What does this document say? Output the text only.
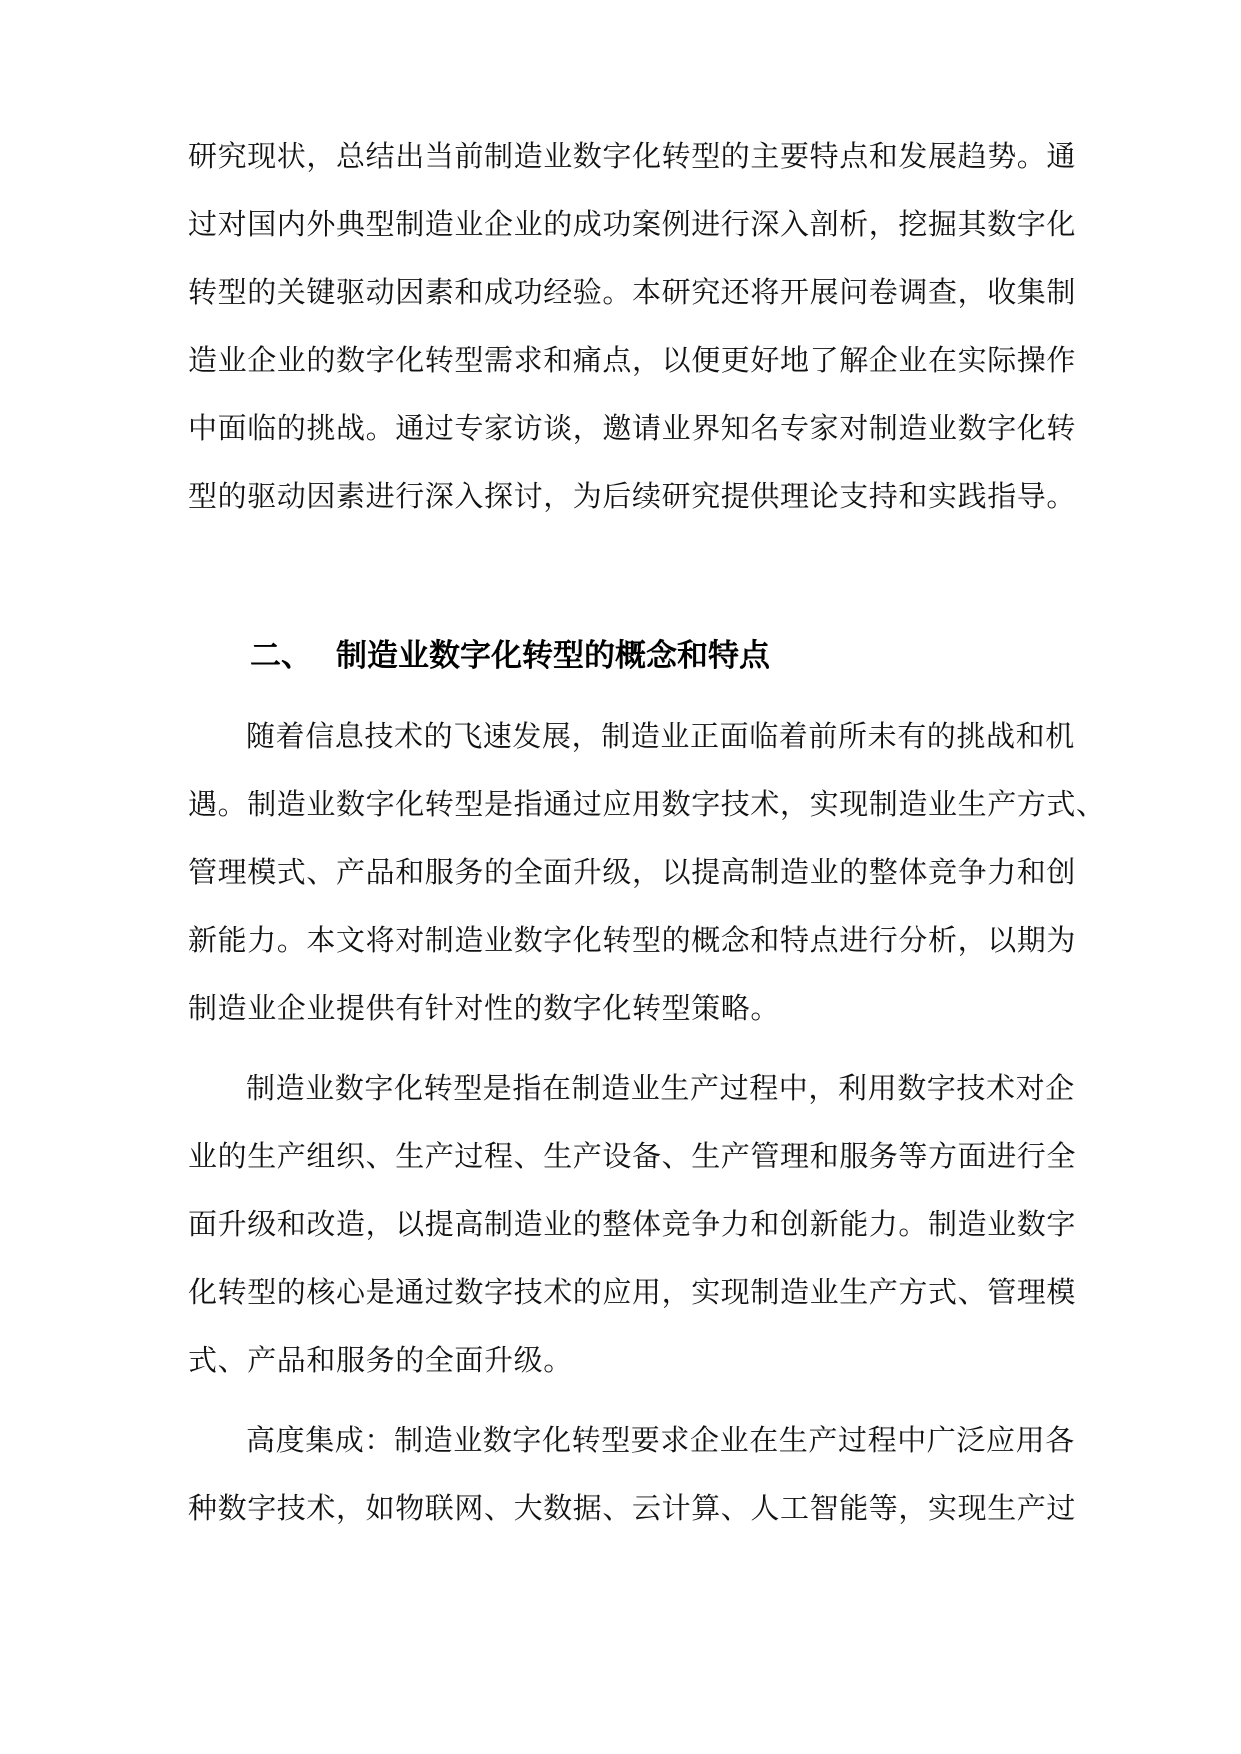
研究现状，总结出当前制造业数字化转型的主要特点和发展趋势。通
过对国内外典型制造业企业的成功案例进行深入剖析，挖掘其数字化
转型的关键驱动因素和成功经验。本研究还将开展问卷调查，收集制
造业企业的数字化转型需求和痛点，以便更好地了解企业在实际操作
中面临的挑战。通过专家访谈，邀请业界知名专家对制造业数字化转
型的驱动因素进行深入探讨，为后续研究提供理论支持和实践指导。
二、 制造业数字化转型的概念和特点
随着信息技术的飞速发展，制造业正面临着前所未有的挑战和机
遇。制造业数字化转型是指通过应用数字技术，实现制造业生产方式、
管理模式、产品和服务的全面升级，以提高制造业的整体竞争力和创
新能力。本文将对制造业数字化转型的概念和特点进行分析，以期为
制造业企业提供有针对性的数字化转型策略。
制造业数字化转型是指在制造业生产过程中，利用数字技术对企
业的生产组织、生产过程、生产设备、生产管理和服务等方面进行全
面升级和改造，以提高制造业的整体竞争力和创新能力。制造业数字
化转型的核心是通过数字技术的应用，实现制造业生产方式、管理模
式、产品和服务的全面升级。
高度集成：制造业数字化转型要求企业在生产过程中广泛应用各
种数字技术，如物联网、大数据、云计算、人工智能等，实现生产过
